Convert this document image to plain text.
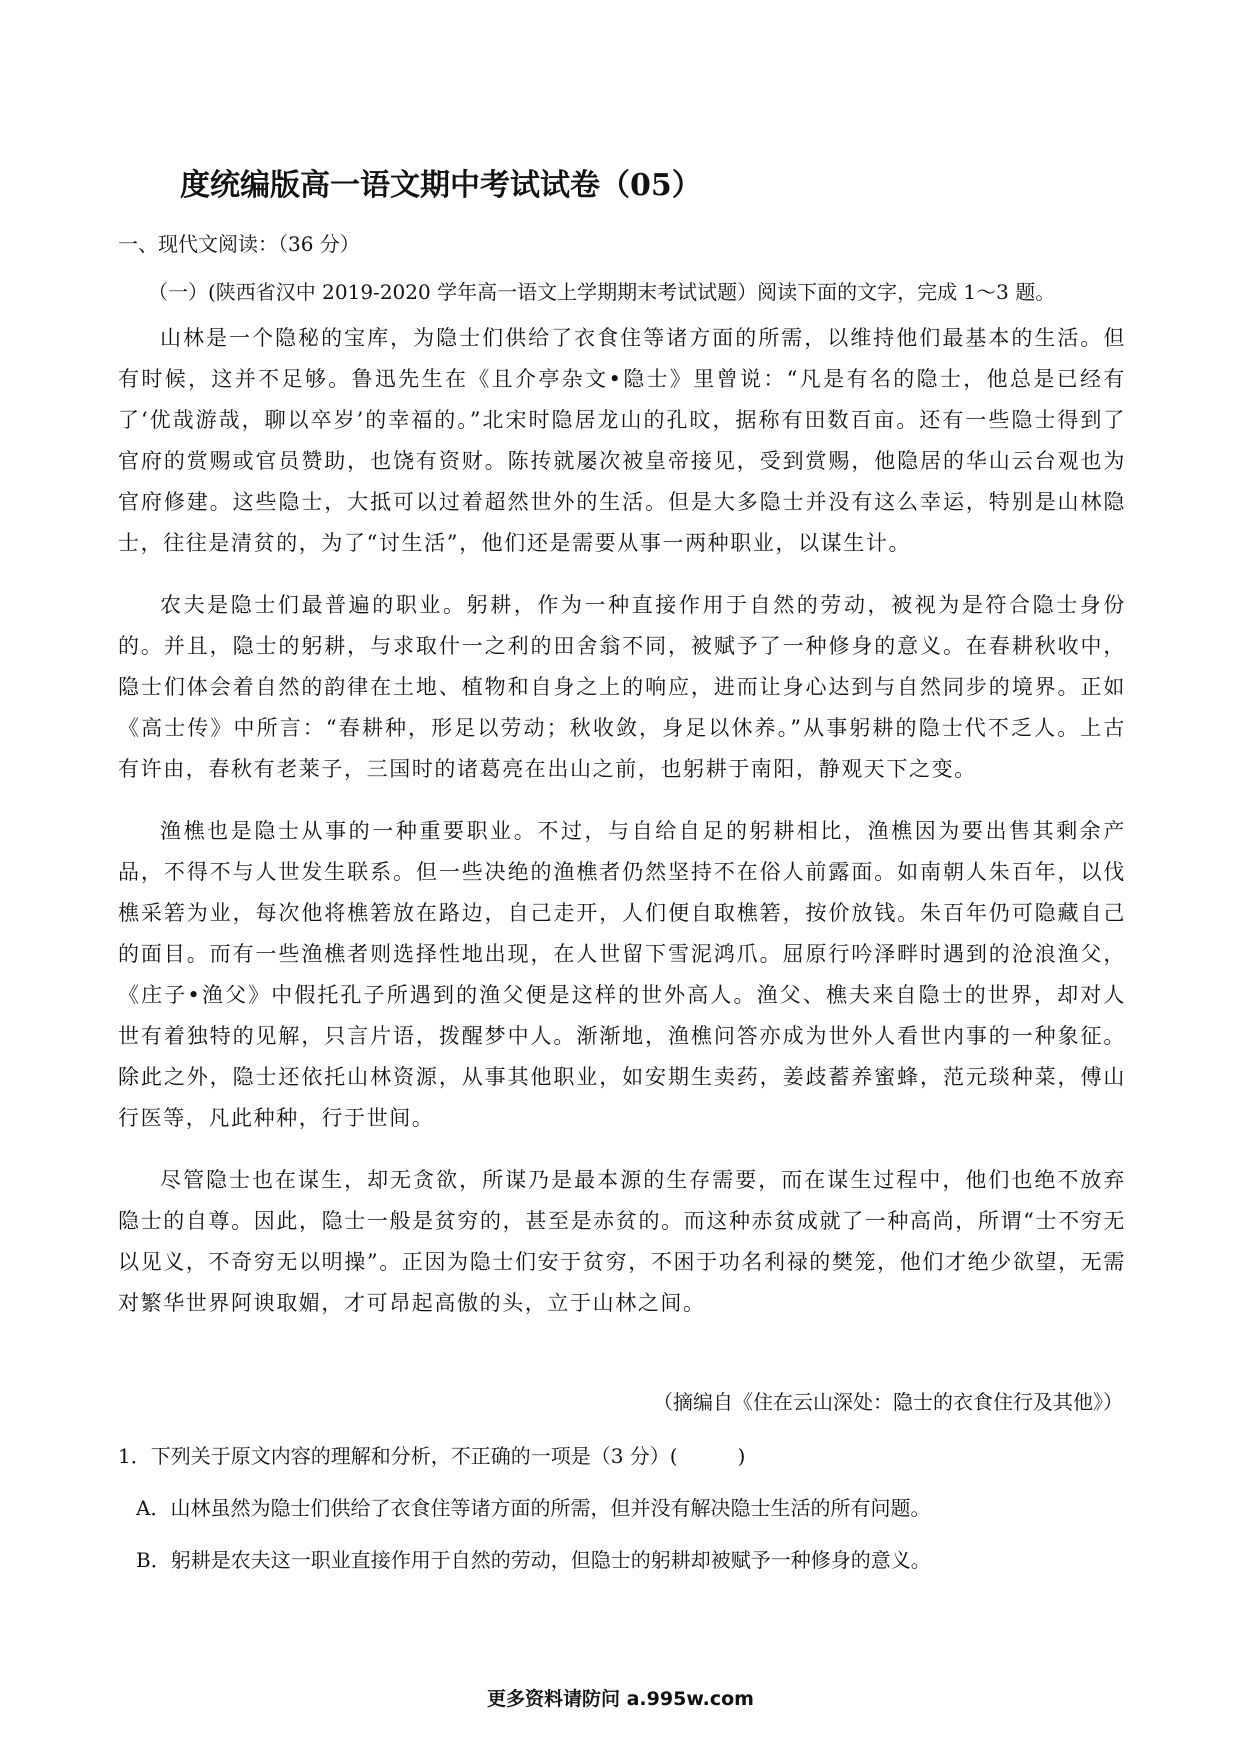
度统编版高一语文期中考试试卷（05）
一、现代文阅读：（36 分）
（一）(陕西省汉中 2019-2020 学年高一语文上学期期末考试试题）阅读下面的文字，完成 1～3 题。

山林是一个隐秘的宝库，为隐士们供给了衣食住等诸方面的所需，以维持他们最基本的生活。但有时候，这并不足够。鲁迅先生在《且介亭杂文•隐士》里曾说：“凡是有名的隐士，他总是已经有了‘优哉游哉，聊以卒岁’的幸福的。”北宋时隐居龙山的孔旼，据称有田数百亩。还有一些隐士得到了官府的赏赐或官员赞助，也饶有资财。陈抟就屡次被皇帝接见，受到赏赐，他隐居的华山云台观也为官府修建。这些隐士，大抵可以过着超然世外的生活。但是大多隐士并没有这么幸运，特别是山林隐士，往往是清贫的，为了“讨生活”，他们还是需要从事一两种职业，以谋生计。

农夫是隐士们最普遍的职业。躬耕，作为一种直接作用于自然的劳动，被视为是符合隐士身份的。并且，隐士的躬耕，与求取什一之利的田舍翁不同，被赋予了一种修身的意义。在春耕秋收中，隐士们体会着自然的韵律在土地、植物和自身之上的响应，进而让身心达到与自然同步的境界。正如《高士传》中所言：“春耕种，形足以劳动；秋收敛，身足以休养。”从事躬耕的隐士代不乏人。上古有许由，春秋有老莱子，三国时的诸葛亮在出山之前，也躬耕于南阳，静观天下之变。

渔樵也是隐士从事的一种重要职业。不过，与自给自足的躬耕相比，渔樵因为要出售其剩余产品，不得不与人世发生联系。但一些决绝的渔樵者仍然坚持不在俗人前露面。如南朝人朱百年，以伐樵采箬为业，每次他将樵箬放在路边，自己走开，人们便自取樵箬，按价放钱。朱百年仍可隐藏自己的面目。而有一些渔樵者则选择性地出现，在人世留下雪泥鸿爪。屈原行吟泽畔时遇到的沧浪渔父，《庄子•渔父》中假托孔子所遇到的渔父便是这样的世外高人。渔父、樵夫来自隐士的世界，却对人世有着独特的见解，只言片语，拨醒梦中人。渐渐地，渔樵问答亦成为世外人看世内事的一种象征。除此之外，隐士还依托山林资源，从事其他职业，如安期生卖药，姜歧蓄养蜜蜂，范元琰种菜，傅山行医等，凡此种种，行于世间。

尽管隐士也在谋生，却无贪欲，所谋乃是最本源的生存需要，而在谋生过程中，他们也绝不放弃隐士的自尊。因此，隐士一般是贫穷的，甚至是赤贫的。而这种赤贫成就了一种高尚，所谓“士不穷无以见义，不奇穷无以明操”。正因为隐士们安于贫穷，不困于功名利禄的樊笼，他们才绝少欲望，无需对繁华世界阿谀取媚，才可昂起高傲的头，立于山林之间。

（摘编自《住在云山深处：隐士的衣食住行及其他》）
1．下列关于原文内容的理解和分析，不正确的一项是（3 分）(　　　)
A．山林虽然为隐士们供给了衣食住等诸方面的所需，但并没有解决隐士生活的所有问题。
B．躬耕是农夫这一职业直接作用于自然的劳动，但隐士的躬耕却被赋予一种修身的意义。
更多资料请防问 a.995w.com
